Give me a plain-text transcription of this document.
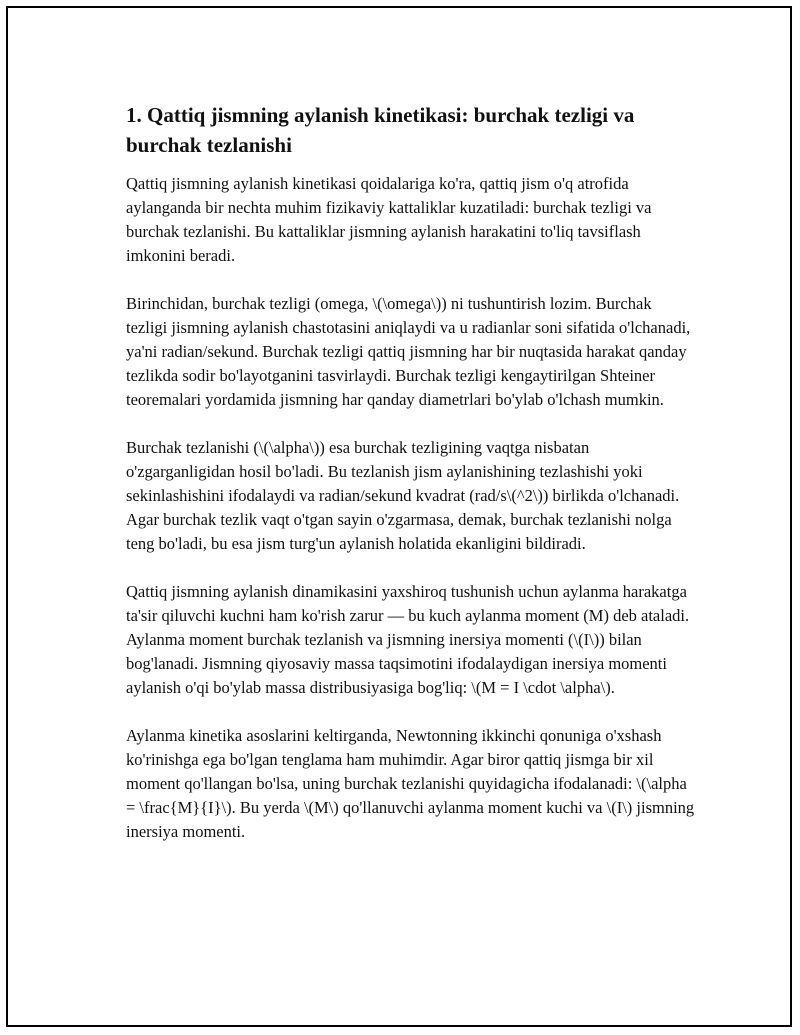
1. Qattiq jismning aylanish kinetikasi: burchak tezligi va burchak tezlanishi

Qattiq jismning aylanish kinetikasi qoidalariga ko'ra, qattiq jism o'q atrofida aylanganda bir nechta muhim fizikaviy kattaliklar kuzatiladi: burchak tezligi va burchak tezlanishi. Bu kattaliklar jismning aylanish harakatini to'liq tavsiflash imkonini beradi.

Birinchidan, burchak tezligi (omega, \(\omega\)) ni tushuntirish lozim. Burchak tezligi jismning aylanish chastotasini aniqlaydi va u radianlar soni sifatida o'lchanadi, ya'ni radian/sekund. Burchak tezligi qattiq jismning har bir nuqtasida harakat qanday tezlikda sodir bo'layotganini tasvirlaydi. Burchak tezligi kengaytirilgan Shteiner teoremalari yordamida jismning har qanday diametrlari bo'ylab o'lchash mumkin.

Burchak tezlanishi (\(\alpha\)) esa burchak tezligining vaqtga nisbatan o'zgarganligidan hosil bo'ladi. Bu tezlanish jism aylanishining tezlashishi yoki sekinlashishini ifodalaydi va radian/sekund kvadrat (rad/s\(^2\)) birlikda o'lchanadi. Agar burchak tezlik vaqt o'tgan sayin o'zgarmasa, demak, burchak tezlanishi nolga teng bo'ladi, bu esa jism turg'un aylanish holatida ekanligini bildiradi.

Qattiq jismning aylanish dinamikasini yaxshiroq tushunish uchun aylanma harakatga ta'sir qiluvchi kuchni ham ko'rish zarur — bu kuch aylanma moment (M) deb ataladi. Aylanma moment burchak tezlanish va jismning inersiya momenti (\(I\)) bilan bog'lanadi. Jismning qiyosaviy massa taqsimotini ifodalaydigan inersiya momenti aylanish o'qi bo'ylab massa distribusiyasiga bog'liq: \(M = I \cdot \alpha\).

Aylanma kinetika asoslarini keltirganda, Newtonning ikkinchi qonuniga o'xshash ko'rinishga ega bo'lgan tenglama ham muhimdir. Agar biror qattiq jismga bir xil moment qo'llangan bo'lsa, uning burchak tezlanishi quyidagicha ifodalanadi: \(\alpha = \frac{M}{I}\). Bu yerda \(M\) qo'llanuvchi aylanma moment kuchi va \(I\) jismning inersiya momenti.
